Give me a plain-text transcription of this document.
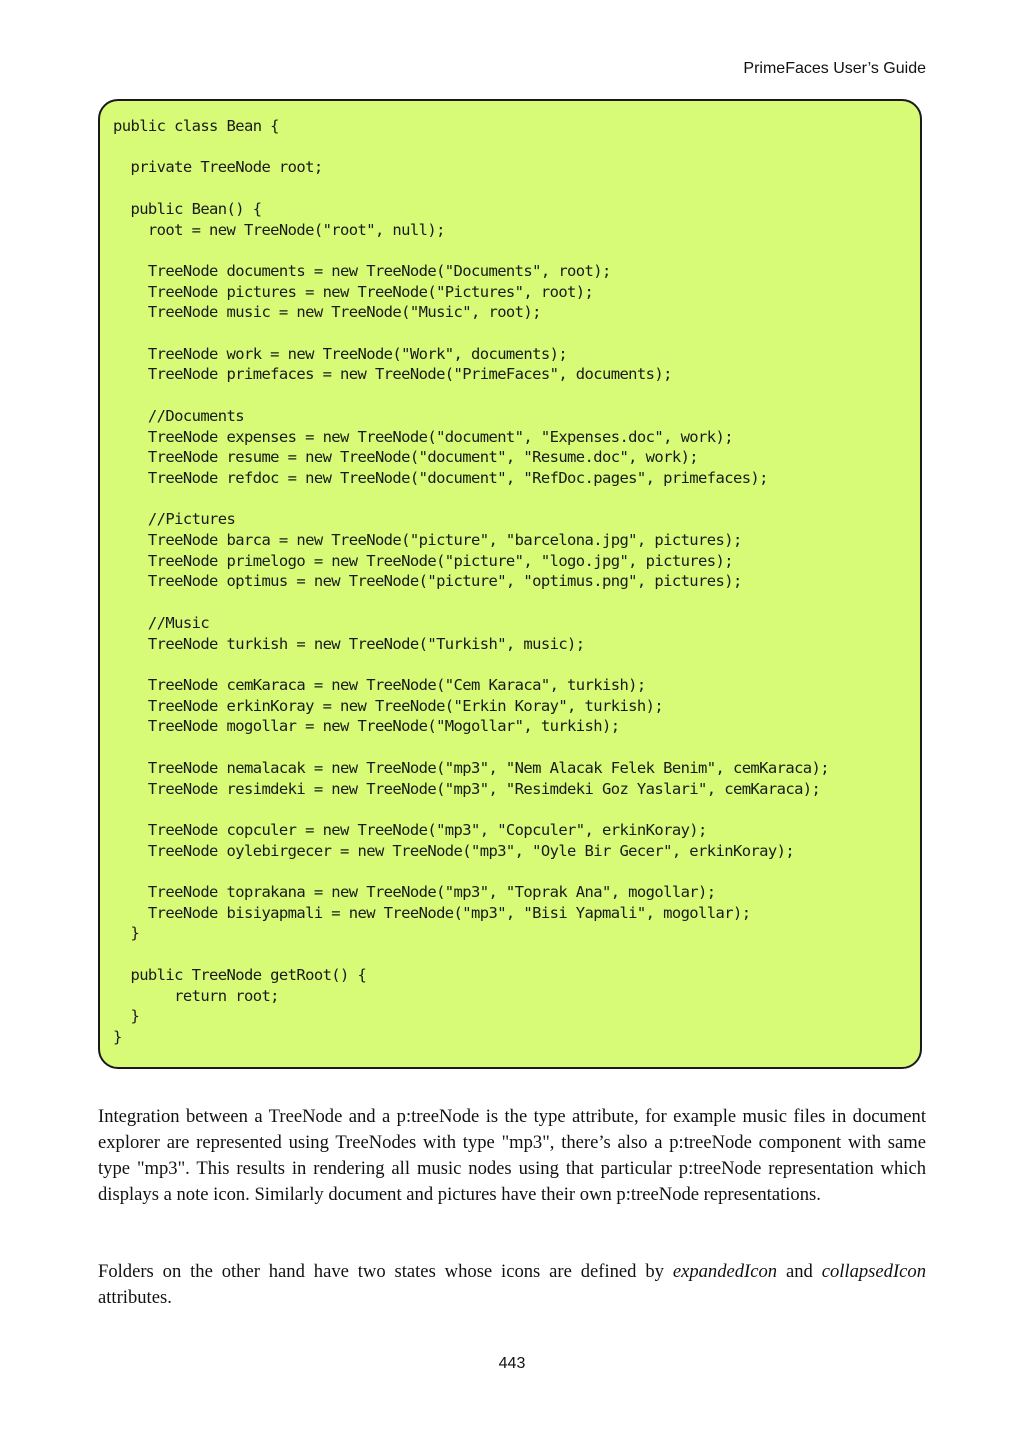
PrimeFaces User’s Guide
public class Bean {

private TreeNode root;

public Bean() {
root = new TreeNode("root", null);

TreeNode documents = new TreeNode("Documents", root);
TreeNode pictures = new TreeNode("Pictures", root);
TreeNode music = new TreeNode("Music", root);

TreeNode work = new TreeNode("Work", documents);
TreeNode primefaces = new TreeNode("PrimeFaces", documents);

//Documents
TreeNode expenses = new TreeNode("document", "Expenses.doc", work);
TreeNode resume = new TreeNode("document", "Resume.doc", work);
TreeNode refdoc = new TreeNode("document", "RefDoc.pages", primefaces);

//Pictures
TreeNode barca = new TreeNode("picture", "barcelona.jpg", pictures);
TreeNode primelogo = new TreeNode("picture", "logo.jpg", pictures);
TreeNode optimus = new TreeNode("picture", "optimus.png", pictures);

//Music
TreeNode turkish = new TreeNode("Turkish", music);

TreeNode cemKaraca = new TreeNode("Cem Karaca", turkish);
TreeNode erkinKoray = new TreeNode("Erkin Koray", turkish);
TreeNode mogollar = new TreeNode("Mogollar", turkish);

TreeNode nemalacak = new TreeNode("mp3", "Nem Alacak Felek Benim", cemKaraca);
TreeNode resimdeki = new TreeNode("mp3", "Resimdeki Goz Yaslari", cemKaraca);

TreeNode copculer = new TreeNode("mp3", "Copculer", erkinKoray);
TreeNode oylebirgecer = new TreeNode("mp3", "Oyle Bir Gecer", erkinKoray);

TreeNode toprakana = new TreeNode("mp3", "Toprak Ana", mogollar);
TreeNode bisiyapmali = new TreeNode("mp3", "Bisi Yapmali", mogollar);
}

public TreeNode getRoot() {
return root;
}
}

Integration between a TreeNode and a p:treeNode is the type attribute, for example music files in document explorer are represented using TreeNodes with type "mp3", there’s also a p:treeNode component with same type "mp3". This results in rendering all music nodes using that particular p:treeNode representation which displays a note icon. Similarly document and pictures have their own p:treeNode representations.

Folders on the other hand have two states whose icons are defined by expandedIcon and collapsedIcon attributes.

443
